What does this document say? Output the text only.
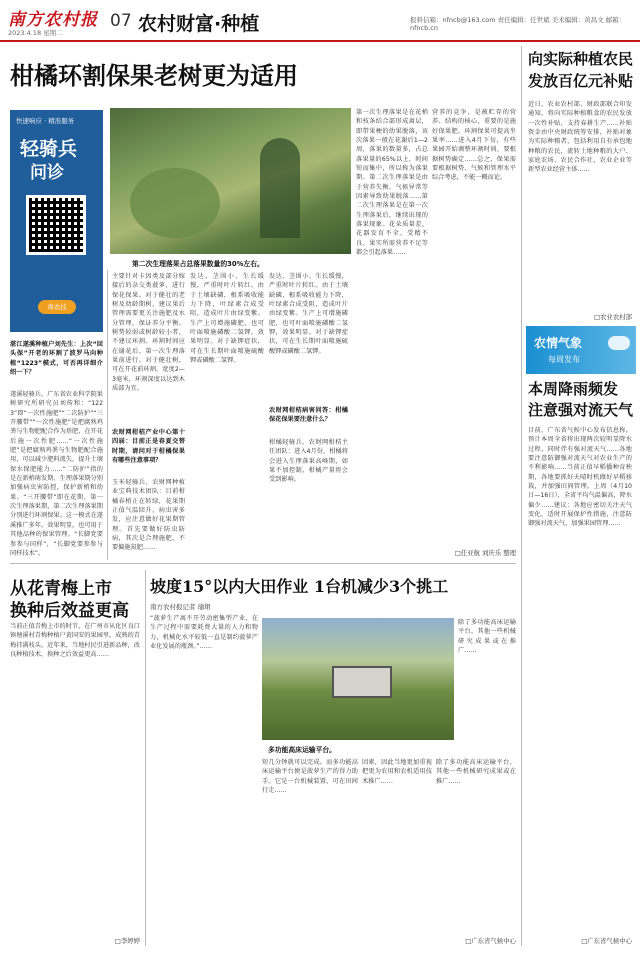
南方农村报
2023.4.18 星期二
07 农村财富·种植	报料信箱：nfncb@163.com 责任编辑：任世斌 美术编辑：黄昌文 邮箱：nfncb.cn
柑橘环割保果老树更为适用
快速响应 · 精准服务
轻骑兵
问诊
毒农技
第二次生理落果占总落果数量的30%左右。
湛江遂溪种植户刘先生：上次“回头保”开老的环割了波罗马向种植“1223”模式，可否再详细介绍一下？
遂溪轻骑兵、广东省农业科学院果树研究所研究员刘传和：“1223”即“一次性施肥”“二次防护”“三开腰带”“一次性施肥”是把腐熟鸡粪与生物肥配合作为基肥，在开花后施一次性肥……“一次性施肥”是把腐熟鸡粪与生物肥配合施用，可以减少肥料流失，提升土壤保水保肥能力……“二防护”指的是在新梢萌发期、生理落果期分别加强病虫害防控，保护新梢和幼果。“三开腰带”即在花期、第一次生理落果期、第二次生理落果期分别进行环割保果。这一模式在遂溪推广多年，效果明显，也可用于其他品种的保果管理。“长脚党要参参与同样”，“长脚党要参参与同样技术”。
主要针对卡因类及部分嫁接后的杂交类菠萝，进行保花保果。对于健壮的老树及幼龄期树，建议果后管理需要更关注施肥及水分管理，保证养分平衡。树势较弱或树龄较小者，不建议环割。环割时间应在谢花后、第一次生理落果前进行。对于健壮树，可在开花前环割，宽度2—3毫米，环割深度以达到木质部为宜。
农财网柑桔产业中心第十四届：目前正是春夏交替时期，请问对于柑橘保果有哪些注意事项？
玉米轻骑兵、农财网种植业宝典技术团队：目前柑橘春梢正在转绿，花果期正值气温回升，病虫害多发，应注意做好花果期管理。首先要做好防虫防病，其次是合理施肥，不要偏施氮肥……
发达、茎围小、生长缓慢，严重时叶片转红。由于土壤缺磷，根系吸收能力下降，叶绿素合成受阻，造成叶片由绿变紫。生产上可增施磷肥，也可叶面喷施磷酸二氢钾，效果明显。对于缺钾症状，可在生长期叶面喷施硫酸钾或磷酸二氢钾。
农财网柑桔病害问答：柑橘保花保果要注意什么？
柑橘轻骑兵、农财网柑桔主任团队：进入4月份，柑橘将会进入生理落果高峰期，如果不加控制，柑橘产量将会受到影响。
发达、茎围小、生长缓慢，严重时叶片转红。由于土壤缺磷，根系吸收能力下降，叶绿素合成受阻，造成叶片由绿变紫。生产上可增施磷肥，也可叶面喷施磷酸二氢钾，效果明显。对于缺钾症状，可在生长期叶面喷施硫酸钾或磷酸二氢钾。
第一次生理落果是在花梢和枝条结合部形成离层，即带果梗的幼果脱落，该次落果一般在花谢后1—2周，落果的数量多，占总落果量的65%以上，时间短而集中，所以称为落果期。第二次生理落果是由于营养失衡、气候异常等因素导致幼果脱落……第二次生理落果是在第一次生理落果后，继续出现的落果现象。花朵质量差、花器发育不全、受精不良、果实所需营养不足等都会引起落果……
营养的竞争，是被贮存的营养、结构的核心，重要的是施好保果肥。环割保果可提高坐果率……进入4月下旬，有些果园开始调整环割时间，要根据树势确定……总之，保果需要根据树势、气候和管理水平综合考虑，不能一概而论。
□任亚航 刘庆乐 整理
向实际种植农民
发放百亿元补贴
近日，农业农村部、财政部联合印发通知，将向实际种植粮食的农民发放一次性补贴，支持春耕生产……补贴资金由中央财政统筹安排，补贴对象为实际种粮者，包括利用自有承包地种粮的农民，流转土地种粮的大户、家庭农场、农民合作社、农业企业等新型农业经营主体……
□农业农村部
农情气象
每周发布
本周降雨频发
注意强对流天气
目前，广东省气候中心发布信息称，预计本周全省将出现两次较明显降水过程，同时伴有强对流天气……各地要注意防御强对流天气对农业生产的不利影响……当前正值早稻播种育秧期，各地要抓好天晴时机做好早稻移栽，并加强田间管理。上周（4月10日—16日），全省平均气温偏高，降水偏少……建议：各地应密切关注天气变化，适时开展保护性措施，注意防御强对流天气，加强果园管理……
□广东省气候中心
从花青梅上市
换种后效益更高
当前正值青梅上市的时节，在广州市从化区良口镇塘溪村青梅种植户黄国安的果园里，成熟的青梅挂满枝头。近年来，当地村民引进新品种，改良种植技术，换种之后效益更高……
□李婷婷
坡度15°以内大田作业 1台机减少3个挑工
南方农村报记者 瑜珺
多功能高床运输平台。
“菠萝生产离不开劳动密集型产业，在生产过程中需要耗费大量的人力和物力，机械化水平较低一直是制约菠萝产业化发展的瓶颈。”……
短几分钟就可以完成。而多功能高床运输平台便是菠萝生产的得力助手。它是一台机械装置，可在田间行走……
因素，因此当地更加重视把更为农用和农机适用技术推广……
除了多功能高床运输平台，其他一些机械研究成果或在推广……
除了多功能高床运输平台，其他一些机械研究成果或在推广……
□广东省气候中心
